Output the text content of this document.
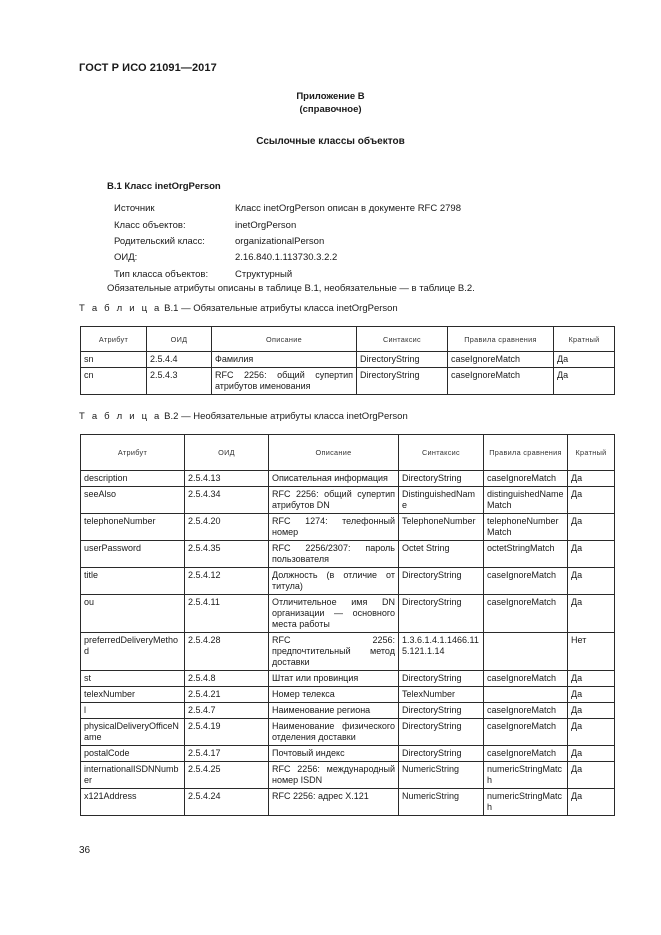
ГОСТ Р ИСО 21091—2017
Приложение В
(справочное)
Ссылочные классы объектов
В.1 Класс inetOrgPerson
Источник	Класс inetOrgPerson описан в документе RFC 2798
Класс объектов:	inetOrgPerson
Родительский класс:	organizationalPerson
ОИД:	2.16.840.1.113730.3.2.2
Тип класса объектов:	Структурный
Обязательные атрибуты описаны в таблице В.1, необязательные — в таблице В.2.
Т а б л и ц а В.1 — Обязательные атрибуты класса inetOrgPerson
Атрибут	ОИД	Описание	Синтаксис	Правила сравнения	Кратный
sn	2.5.4.4	Фамилия	DirectoryString	caseIgnoreMatch	Да
cn	2.5.4.3	RFC 2256: общий супертип атрибутов именования	DirectoryString	caseIgnoreMatch	Да
Т а б л и ц а В.2 — Необязательные атрибуты класса inetOrgPerson
Атрибут	ОИД	Описание	Синтаксис	Правила сравнения	Кратный
description	2.5.4.13	Описательная информация	DirectoryString	caseIgnoreMatch	Да
seeAlso	2.5.4.34	RFC 2256: общий супертип атрибутов DN	DistinguishedName	distinguishedNameMatch	Да
telephoneNumber	2.5.4.20	RFC 1274: телефонный номер	TelephoneNumber	telephoneNumberMatch	Да
userPassword	2.5.4.35	RFC 2256/2307: пароль пользователя	Octet String	octetStringMatch	Да
title	2.5.4.12	Должность (в отличие от титула)	DirectoryString	caseIgnoreMatch	Да
ou	2.5.4.11	Отличительное имя DN организации — основного места работы	DirectoryString	caseIgnoreMatch	Да
preferredDeliveryMethod	2.5.4.28	RFC 2256: предпочтительный метод доставки	1.3.6.1.4.1.1466.115.121.1.14		Нет
st	2.5.4.8	Штат или провинция	DirectoryString	caseIgnoreMatch	Да
telexNumber	2.5.4.21	Номер телекса	TelexNumber		Да
l	2.5.4.7	Наименование региона	DirectoryString	caseIgnoreMatch	Да
physicalDeliveryOfficeName	2.5.4.19	Наименование физического отделения доставки	DirectoryString	caseIgnoreMatch	Да
postalCode	2.5.4.17	Почтовый индекс	DirectoryString	caseIgnoreMatch	Да
internationalISDNNumber	2.5.4.25	RFC 2256: международный номер ISDN	NumericString	numericStringMatch	Да
x121Address	2.5.4.24	RFC 2256: адрес X.121	NumericString	numericStringMatch	Да
36
